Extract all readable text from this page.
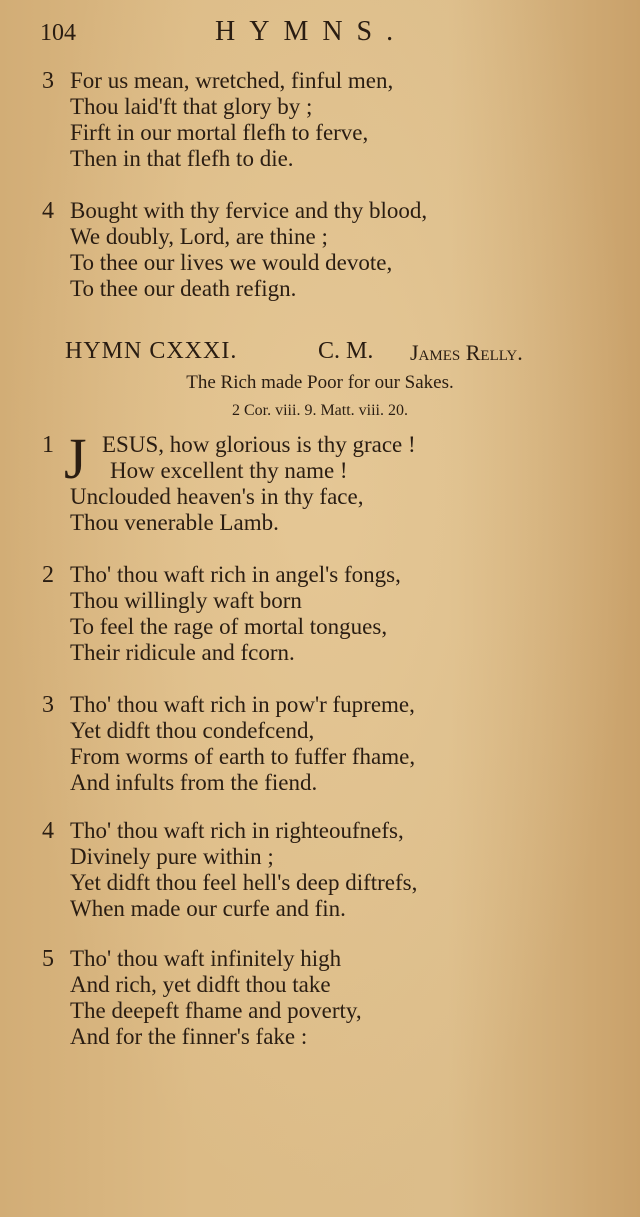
104	HYMNS.
3 For us mean, wretched, finful men,
Thou laid'ft that glory by ;
Firft in our mortal flefh to ferve,
Then in that flefh to die.
4 Bought with thy fervice and thy blood,
We doubly, Lord, are thine ;
To thee our lives we would devote,
To thee our death refign.
HYMN CXXXI.	C. M. James Relly.
The Rich made Poor for our Sakes.
2 Cor. viii. 9. Matt. viii. 20.
1 J ESUS, how glorious is thy grace !
How excellent thy name !
Unclouded heaven's in thy face,
Thou venerable Lamb.
2 Tho' thou waft rich in angel's fongs,
Thou willingly waft born
To feel the rage of mortal tongues,
Their ridicule and fcorn.
3 Tho' thou waft rich in pow'r fupreme,
Yet didft thou condefcend,
From worms of earth to fuffer fhame,
And infults from the fiend.
4 Tho' thou waft rich in righteoufnefs,
Divinely pure within ;
Yet didft thou feel hell's deep diftrefs,
When made our curfe and fin.
5 Tho' thou waft infinitely high
And rich, yet didft thou take
The deepeft fhame and poverty,
And for the finner's fake :
